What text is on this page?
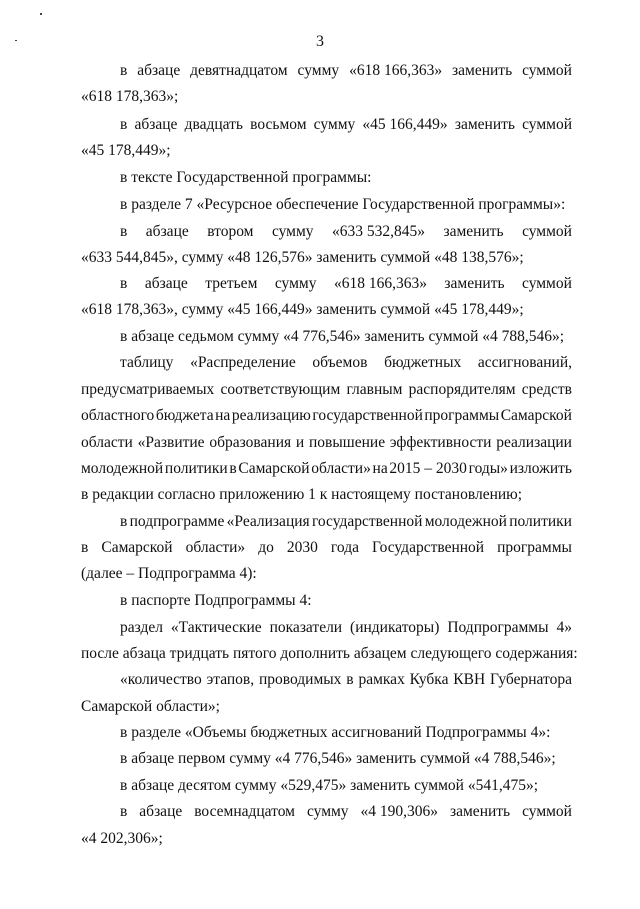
3
в абзаце девятнадцатом сумму «618 166,363» заменить суммой
«618 178,363»;
в абзаце двадцать восьмом сумму «45 166,449» заменить суммой
«45 178,449»;
в тексте Государственной программы:
в разделе 7 «Ресурсное обеспечение Государственной программы»:
в абзаце втором сумму «633 532,845» заменить суммой
«633 544,845», сумму «48 126,576» заменить суммой «48 138,576»;
в абзаце третьем сумму «618 166,363» заменить суммой
«618 178,363», сумму «45 166,449» заменить суммой «45 178,449»;
в абзаце седьмом сумму «4 776,546» заменить суммой «4 788,546»;
таблицу «Распределение объемов бюджетных ассигнований,
предусматриваемых соответствующим главным распорядителям средств
областного бюджета на реализацию государственной программы Самарской
области «Развитие образования и повышение эффективности реализации
молодежной политики в Самарской области» на 2015 – 2030 годы» изложить
в редакции согласно приложению 1 к настоящему постановлению;
в подпрограмме «Реализация государственной молодежной политики
в Самарской области» до 2030 года Государственной программы
(далее – Подпрограмма 4):
в паспорте Подпрограммы 4:
раздел «Тактические показатели (индикаторы) Подпрограммы 4»
после абзаца тридцать пятого дополнить абзацем следующего содержания:
«количество этапов, проводимых в рамках Кубка КВН Губернатора
Самарской области»;
в разделе «Объемы бюджетных ассигнований Подпрограммы 4»:
в абзаце первом сумму «4 776,546» заменить суммой «4 788,546»;
в абзаце десятом сумму «529,475» заменить суммой «541,475»;
в абзаце восемнадцатом сумму «4 190,306» заменить суммой
«4 202,306»;
